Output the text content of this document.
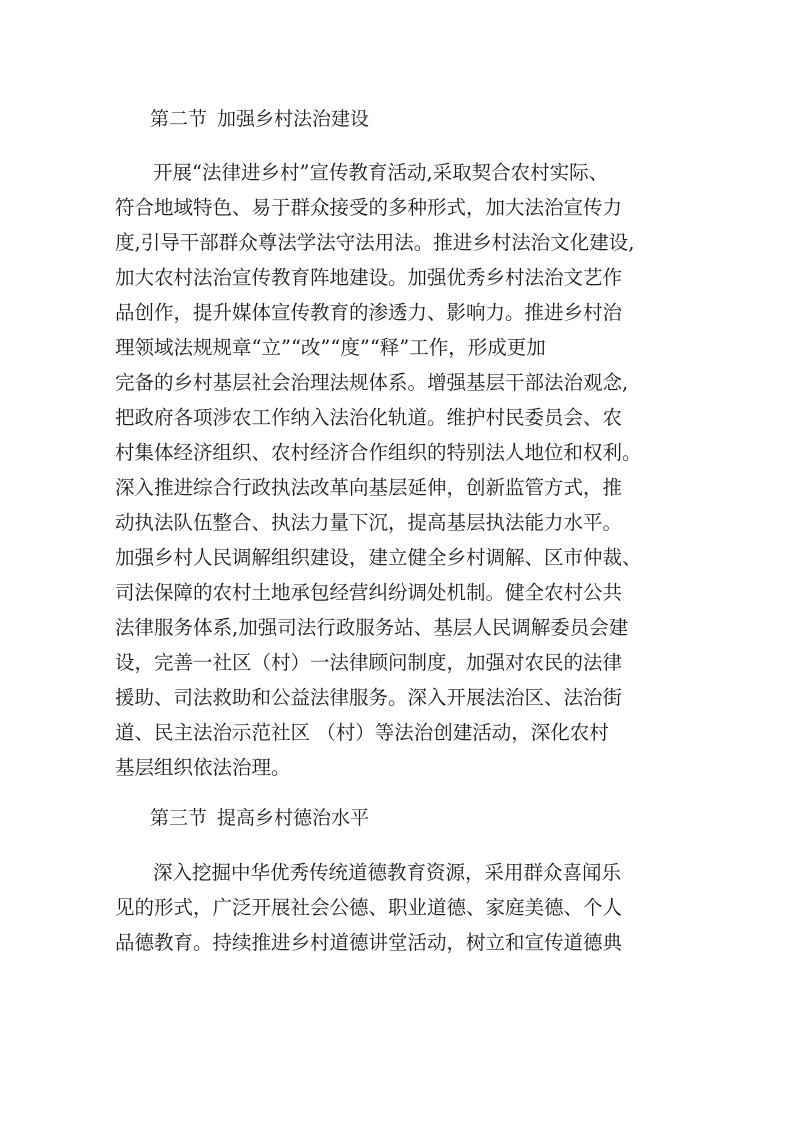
第二节 加强乡村法治建设

开展“法律进乡村”宣传教育活动,采取契合农村实际、

符合地域特色、易于群众接受的多种形式，加大法治宣传力

度,引导干部群众尊法学法守法用法。推进乡村法治文化建设,

加大农村法治宣传教育阵地建设。加强优秀乡村法治文艺作

品创作，提升媒体宣传教育的渗透力、影响力。推进乡村治

理领域法规规章“立”“改”“度”“释”工作，形成更加

完备的乡村基层社会治理法规体系。增强基层干部法治观念,

把政府各项涉农工作纳入法治化轨道。维护村民委员会、农

村集体经济组织、农村经济合作组织的特别法人地位和权利。

深入推进综合行政执法改革向基层延伸，创新监管方式，推

动执法队伍整合、执法力量下沉，提高基层执法能力水平。

加强乡村人民调解组织建设，建立健全乡村调解、区市仲裁、

司法保障的农村土地承包经营纠纷调处机制。健全农村公共

法律服务体系,加强司法行政服务站、基层人民调解委员会建

设，完善一社区（村）一法律顾问制度，加强对农民的法律

援助、司法救助和公益法律服务。深入开展法治区、法治街

道、民主法治示范社区 （村）等法治创建活动，深化农村

基层组织依法治理。

第三节 提高乡村德治水平

深入挖掘中华优秀传统道德教育资源，采用群众喜闻乐

见的形式，广泛开展社会公德、职业道德、家庭美德、个人

品德教育。持续推进乡村道德讲堂活动，树立和宣传道德典
